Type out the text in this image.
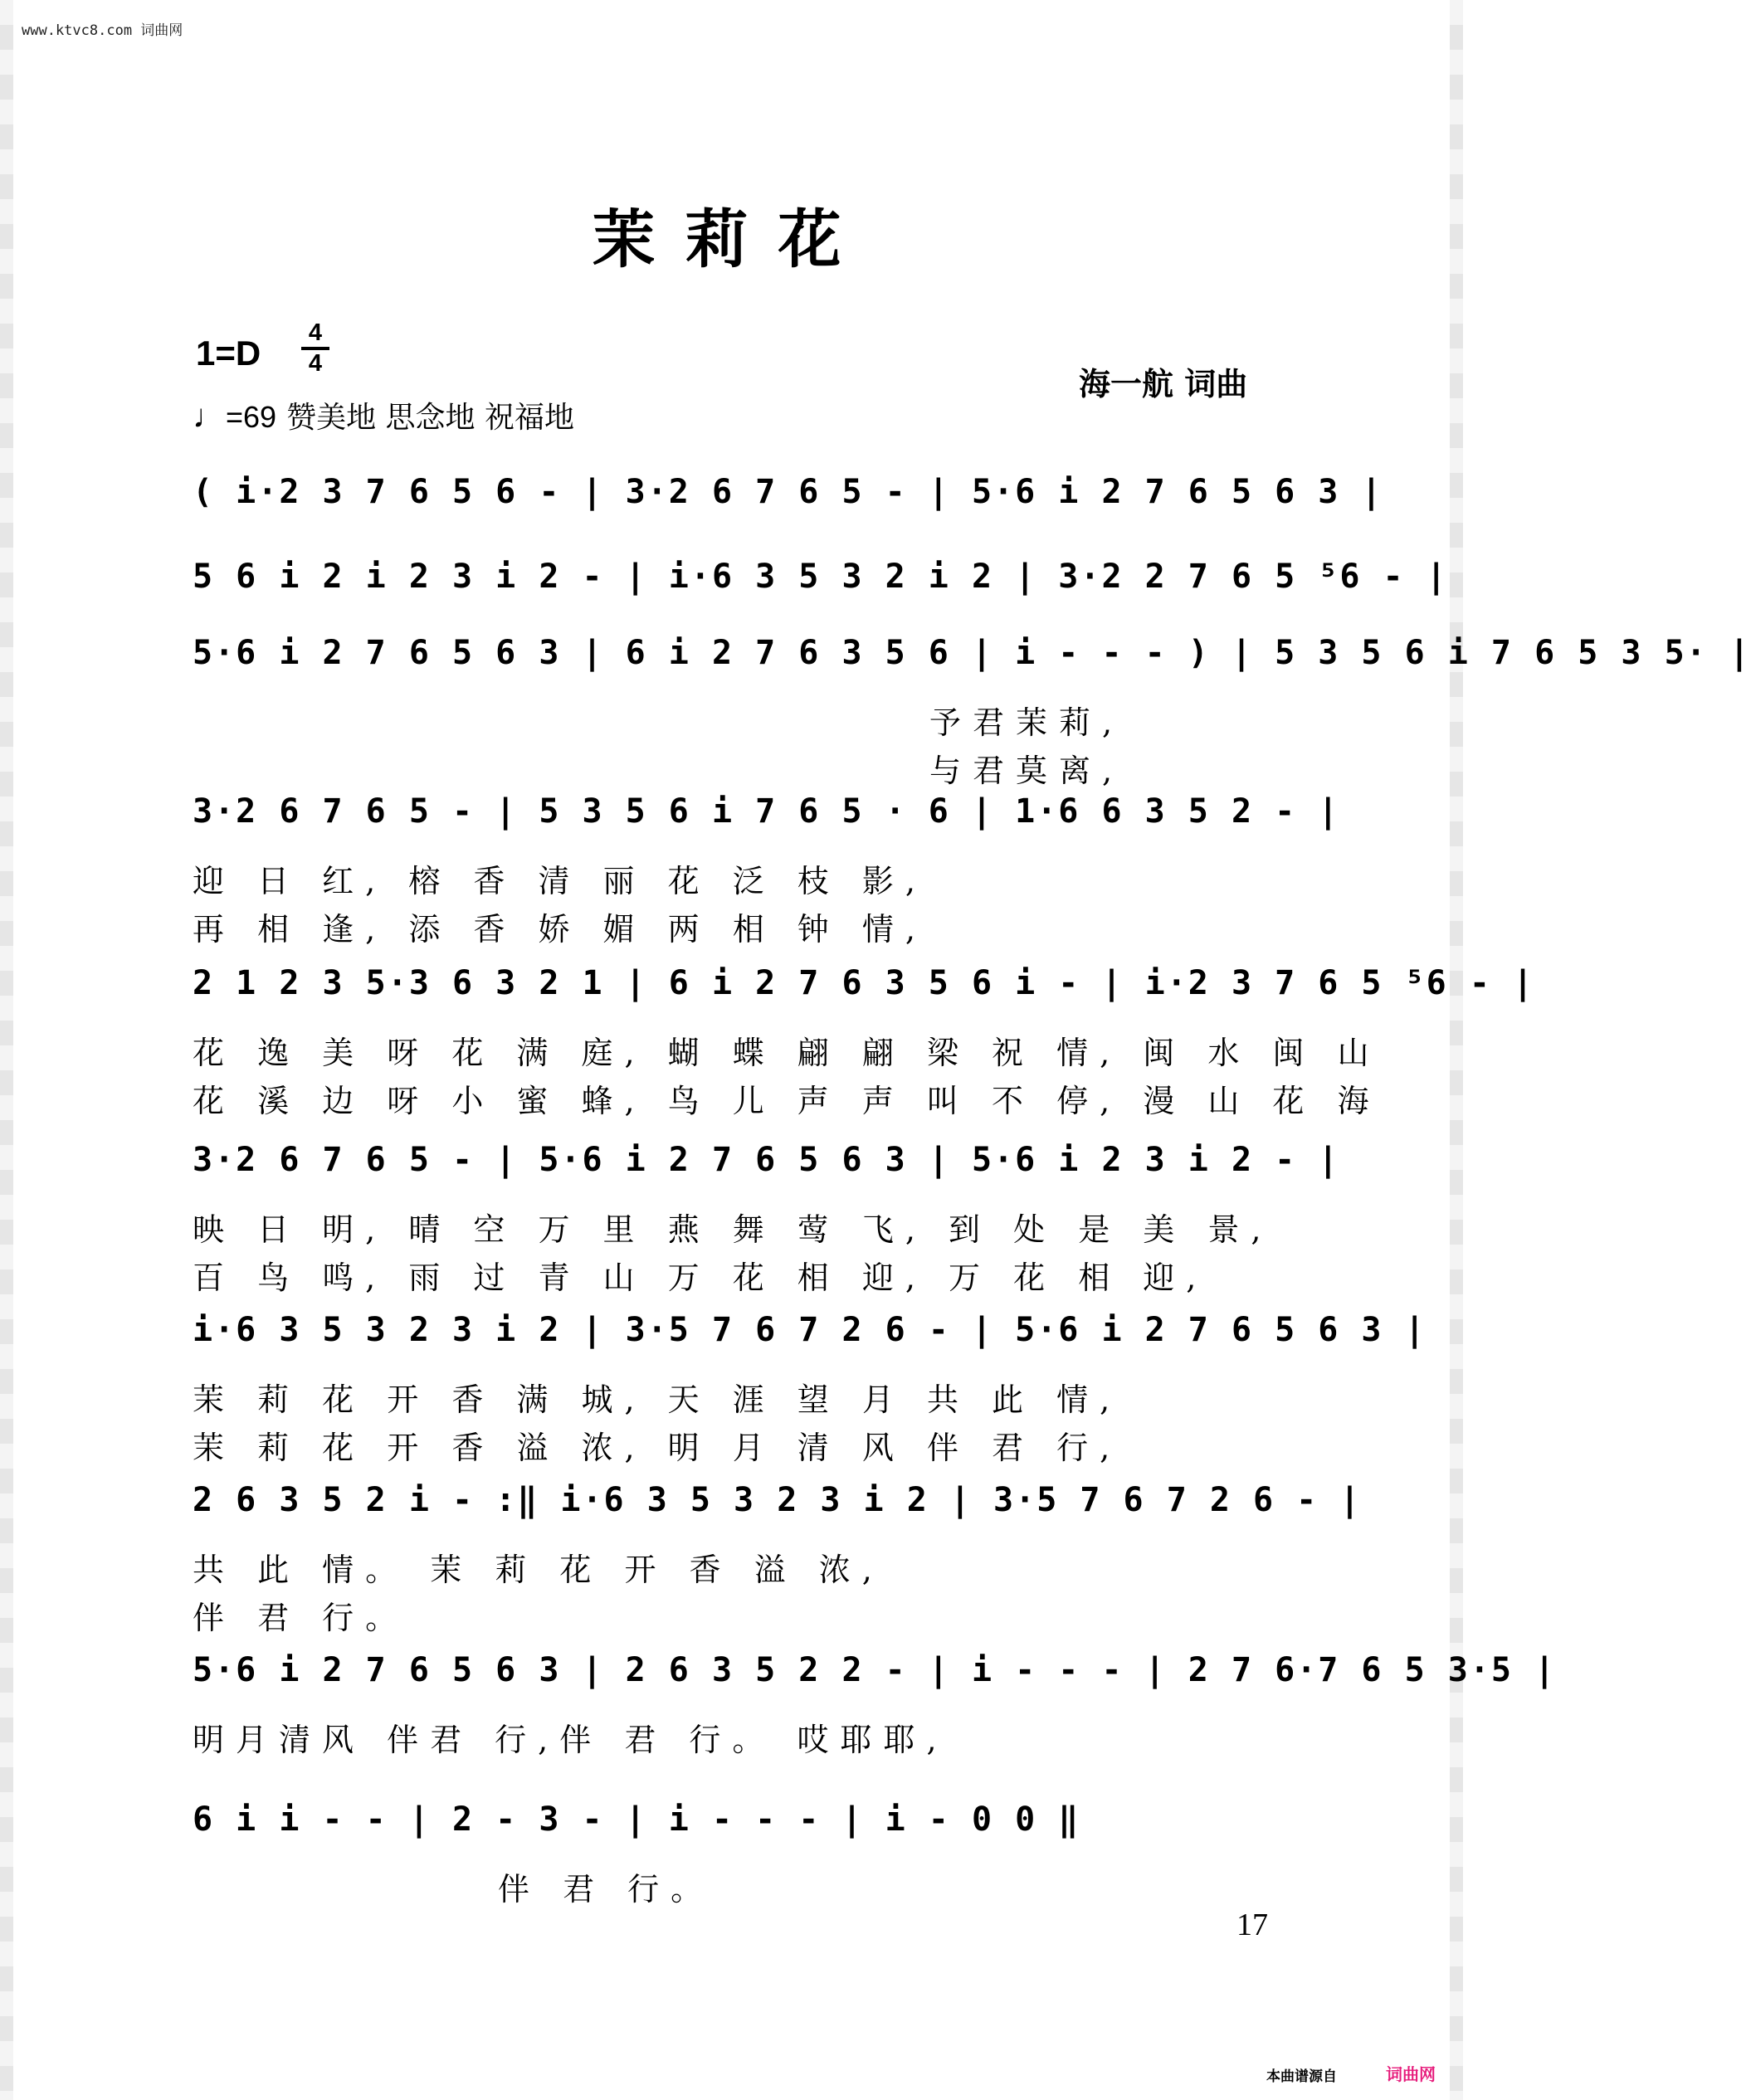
www.ktvc8.com 词曲网
茉莉花
1=D
4
4
♩=69 赞美地 思念地 祝福地
海一航 词曲
( i·2 3 7 6 5 6 - | 3·2 6 7 6 5 - | 5·6 i 2 7 6 5 6 3 |
5 6 i 2 i 2 3 i 2 - | i·6 3 5 3 2 i 2 | 3·2 2 7 6 5 ⁵6 - |
5·6 i 2 7 6 5 6 3 | 6 i 2 7 6 3 5 6 | i - - - ) | 5 3 5 6 i 7 6 5 3 5· |
予君茉莉,
与君莫离,
3·2 6 7 6 5 - | 5 3 5 6 i 7 6 5 · 6 | 1·6 6 3 5 2 - |
迎 日 红, 榕 香 清 丽 花 泛 枝 影,
再 相 逢, 添 香 娇 媚 两 相 钟 情,
2 1 2 3 5·3 6 3 2 1 | 6 i 2 7 6 3 5 6 i - | i·2 3 7 6 5 ⁵6 - |
花 逸 美 呀 花 满 庭, 蝴 蝶 翩 翩 梁 祝 情, 闽 水 闽 山
花 溪 边 呀 小 蜜 蜂, 鸟 儿 声 声 叫 不 停, 漫 山 花 海
3·2 6 7 6 5 - | 5·6 i 2 7 6 5 6 3 | 5·6 i 2 3 i 2 - |
映 日 明, 晴 空 万 里 燕 舞 莺 飞, 到 处 是 美 景,
百 鸟 鸣, 雨 过 青 山 万 花 相 迎, 万 花 相 迎,
i·6 3 5 3 2 3 i 2 | 3·5 7 6 7 2 6 - | 5·6 i 2 7 6 5 6 3 |
茉 莉 花 开 香 满 城, 天 涯 望 月 共 此 情,
茉 莉 花 开 香 溢 浓, 明 月 清 风 伴 君 行,
2 6 3 5 2 i - :‖ i·6 3 5 3 2 3 i 2 | 3·5 7 6 7 2 6 - |
共 此 情。 茉 莉 花 开 香 溢 浓,
伴 君 行。
5·6 i 2 7 6 5 6 3 | 2 6 3 5 2 2 - | i - - - | 2 7 6·7 6 5 3·5 |
明月清风 伴君 行,伴 君 行。 哎耶耶,
6 i i - - | 2 - 3 - | i - - - | i - 0 0 ‖
伴 君 行。
17
本曲谱源自	词曲网
